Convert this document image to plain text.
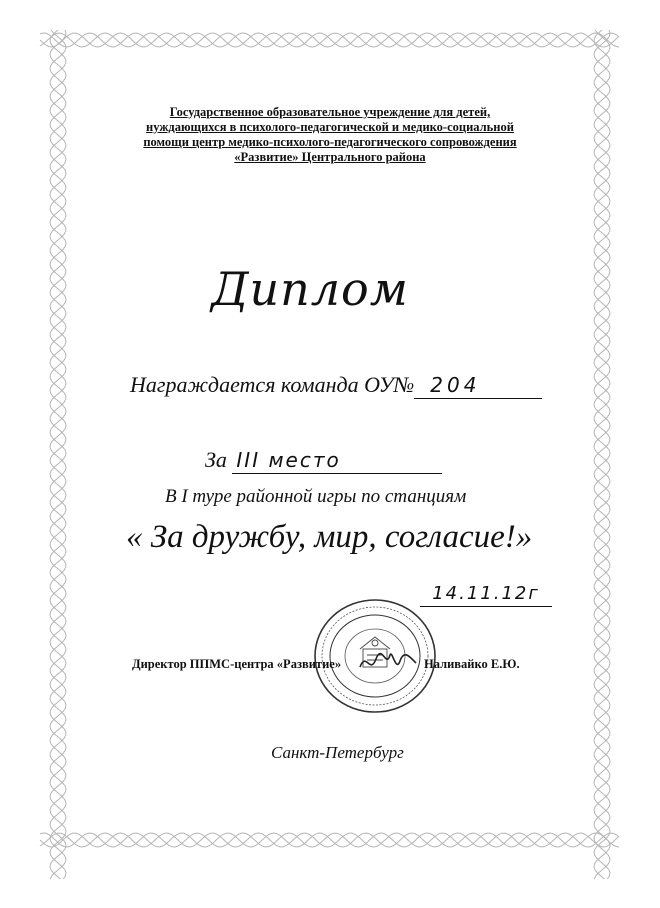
Государственное образовательное учреждение для детей,
нуждающихся в психолого-педагогической и медико-социальной
помощи центр медико-психолого-педагогического сопровождения
«Развитие» Центрального района
Диплом
Награждается команда ОУ№ 204
За III место
В I туре районной игры по станциям
« За дружбу, мир, согласие!»
14.11.12г
Директор ППМС-центра «Развитие»	Наливайко Е.Ю.
Санкт-Петербург
